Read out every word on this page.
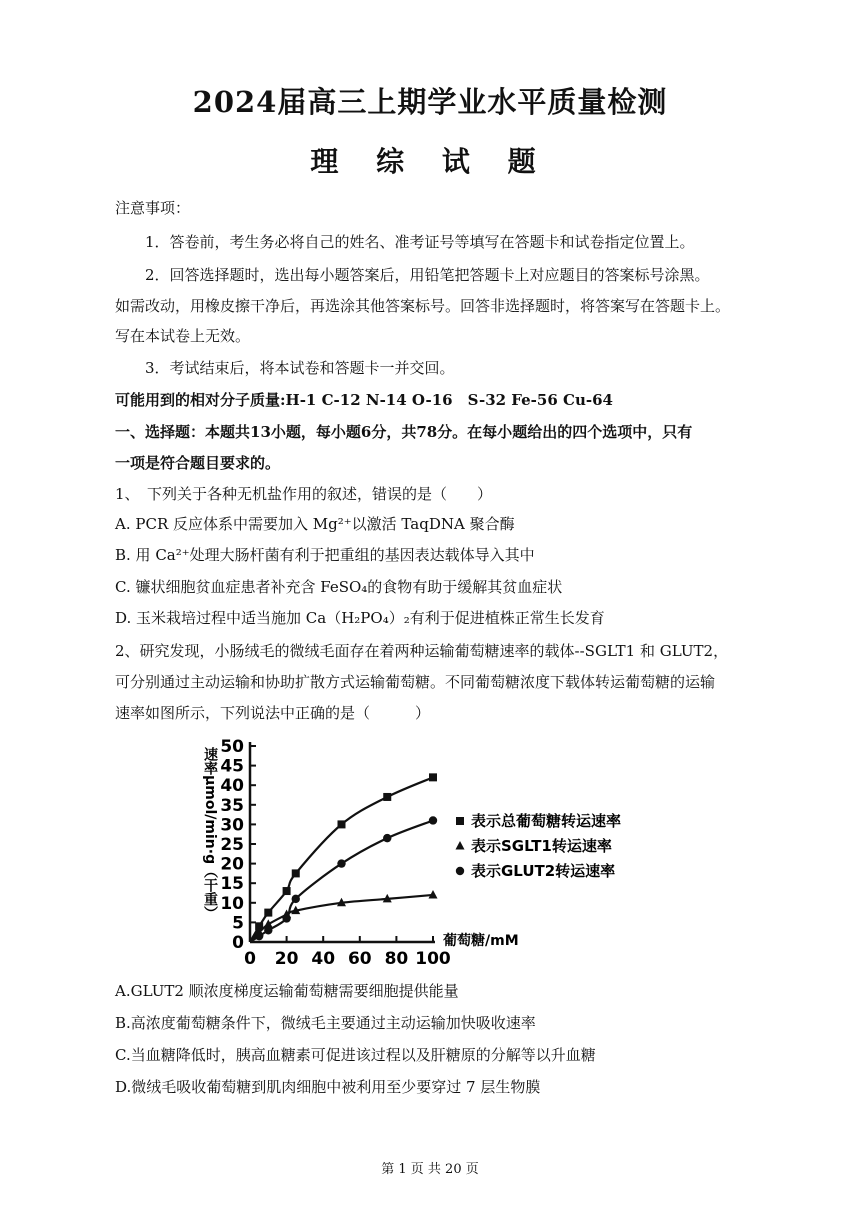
2024届高三上期学业水平质量检测
理 综 试 题
注意事项：
1．答卷前，考生务必将自己的姓名、准考证号等填写在答题卡和试卷指定位置上。
2．回答选择题时，选出每小题答案后，用铅笔把答题卡上对应题目的答案标号涂黑。
如需改动，用橡皮擦干净后，再选涂其他答案标号。回答非选择题时，将答案写在答题卡上。
写在本试卷上无效。
3．考试结束后，将本试卷和答题卡一并交回。
可能用到的相对分子质量:H-1 C-12 N-14 O-16　S-32 Fe-56 Cu-64
一、选择题：本题共13小题，每小题6分，共78分。在每小题给出的四个选项中，只有
一项是符合题目要求的。
1、　下列关于各种无机盐作用的叙述，错误的是（　　）
A. PCR 反应体系中需要加入 Mg²⁺以激活 TaqDNA 聚合酶
B. 用 Ca²⁺处理大肠杆菌有利于把重组的基因表达载体导入其中
C. 镰状细胞贫血症患者补充含 FeSO₄的食物有助于缓解其贫血症状
D. 玉米栽培过程中适当施加 Ca（H₂PO₄）₂有利于促进植株正常生长发育
2、研究发现，小肠绒毛的微绒毛面存在着两种运输葡萄糖速率的载体--SGLT1 和 GLUT2，
可分别通过主动运输和协助扩散方式运输葡萄糖。不同葡萄糖浓度下载体转运葡萄糖的运输
速率如图所示，下列说法中正确的是（　　　）
0
5
10
15
20
25
30
35
40
45
50
0 20 40 60 80 100
葡萄糖/mM
速率μmol/min·g（干重）	表示总葡萄糖转运速率
表示SGLT1转运速率
表示GLUT2转运速率
A.GLUT2 顺浓度梯度运输葡萄糖需要细胞提供能量
B.高浓度葡萄糖条件下，微绒毛主要通过主动运输加快吸收速率
C.当血糖降低时，胰高血糖素可促进该过程以及肝糖原的分解等以升血糖
D.微绒毛吸收葡萄糖到肌肉细胞中被利用至少要穿过 7 层生物膜
第 1 页 共 20 页
